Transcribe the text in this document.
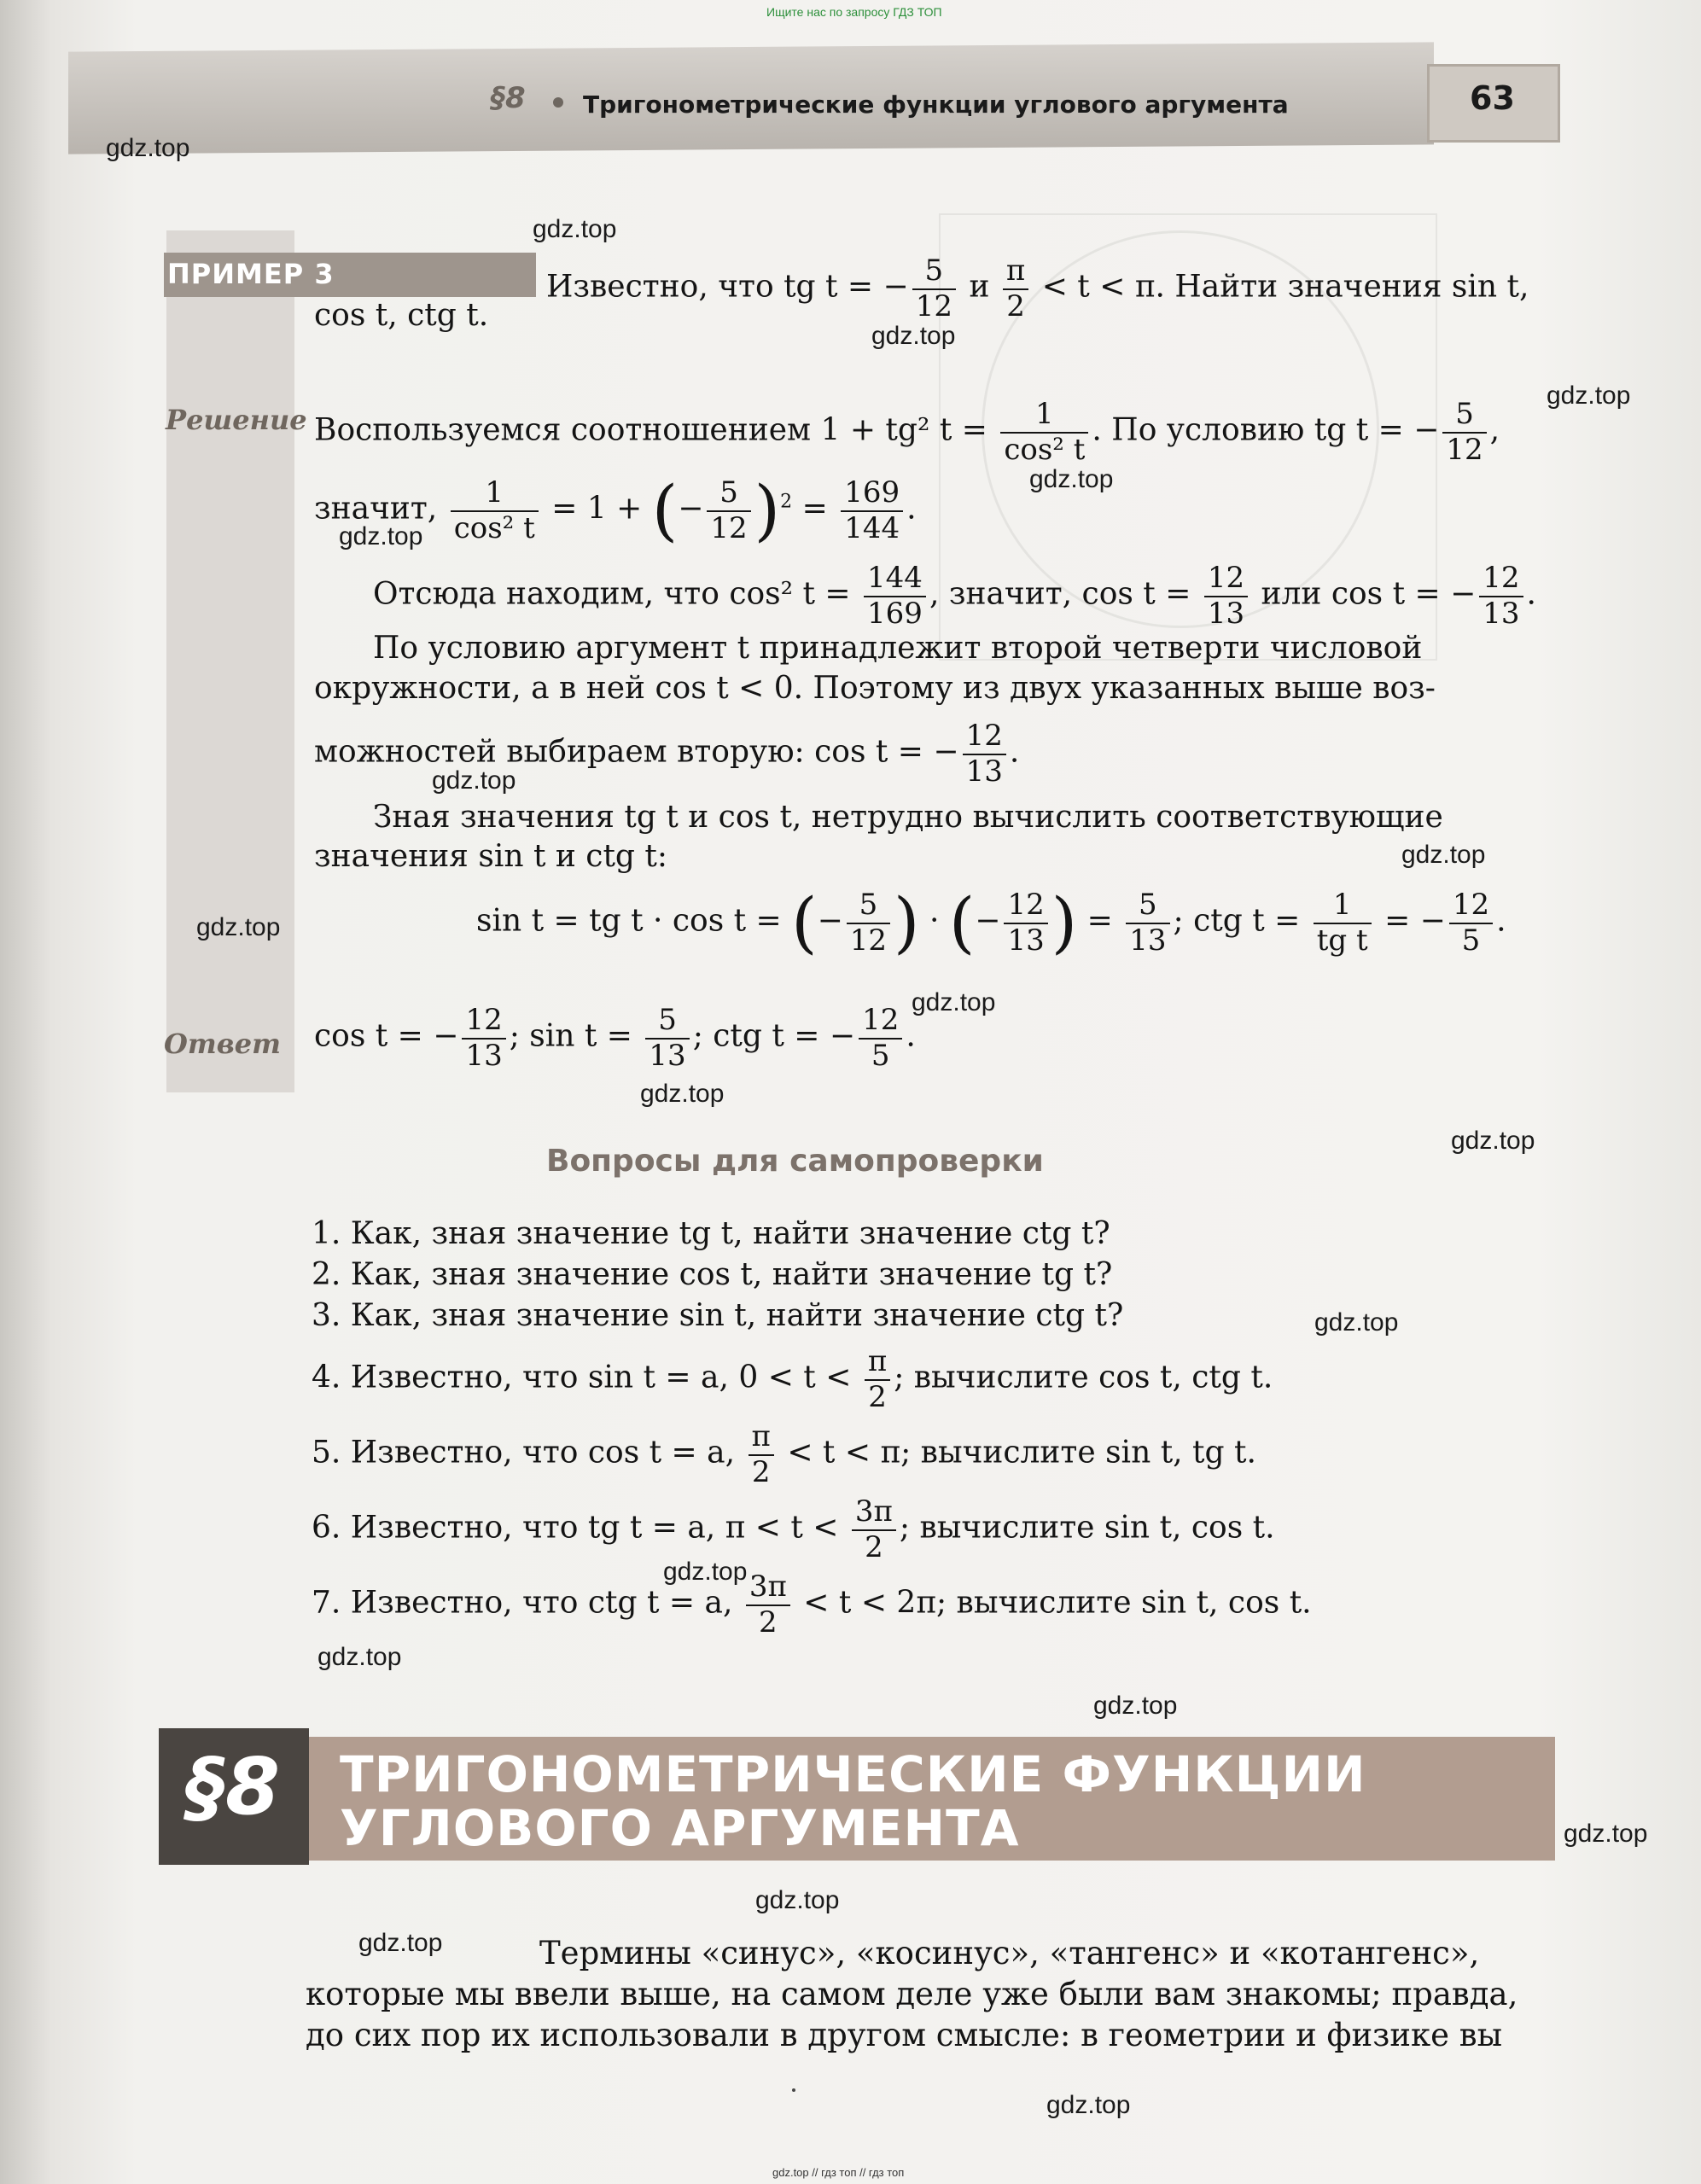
Ищите нас по запросу ГДЗ ТОП
§8 Тригонометрические функции углового аргумента	63
gdz.top
gdz.top
gdz.top
gdz.top
gdz.top
gdz.top
gdz.top
gdz.top
gdz.top
gdz.top
gdz.top
gdz.top
gdz.top
gdz.top
gdz.top
gdz.top
gdz.top
gdz.top
gdz.top
gdz.top
ПРИМЕР 3	Известно, что tg t = − $\frac{5}{12}$ и $\frac{\pi}{2} < t < \pi$. Найти значения sin t,
cos t, ctg t.
Решение Воспользуемся соотношением 1 + tg² $t = \frac{1}{\text{cos² t}}$ . По условию tg t = − $\frac{5}{12}$ ,
значит, $\frac{1}{\text{cos² t}} = 1$ + (− $\frac{5}{12} )^2 = \frac{169}{144}$ .
Отсюда находим, что cos² $t = \frac{144}{169}$ , значит, $\cos t = \frac{12}{13}$ или cos t = − $\frac{12}{13}$ .
По условию аргумент t принадлежит второй четверти числовой
окружности, а в ней cos t < 0. Поэтому из двух указанных выше воз-
можностей выбираем вторую: cos t = − $\frac{12}{13}$ .
Зная значения tg t и cos t, нетрудно вычислить соответствующие
значения sin t и ctg t:
sin t = tg t · cos t = (− $\frac{5}{12}$ ) · (− $\frac{12}{13}$ ) = $\frac{5}{13}$ ; ctg $t = \frac{1}{\text{tg t}}$ = − $\frac{12}{5}$ .
Ответ cos t = − $\frac{12}{13}$ ; $\sin t = \frac{5}{13}$ ; ctg t = − $\frac{12}{5}$ .
Вопросы для самопроверки
1. Как, зная значение tg t, найти значение ctg t?
2. Как, зная значение cos t, найти значение tg t?
3. Как, зная значение sin t, найти значение ctg t?
4. Известно, что sin t = a, $0 < t < \frac{\pi}{2}$ ; вычислите cos t, ctg t.
5. Известно, что cos t = a, $\frac{\pi}{2} < t < \pi$; вычислите sin t, tg t.
6. Известно, что tg t = a, $\pi < t < \frac{3\pi}{2}$ ; вычислите sin t, cos t.
7. Известно, что ctg t = a, $\frac{3\pi}{2} < t < 2\pi$; вычислите sin t, cos t.
§8 ТРИГОНОМЕТРИЧЕСКИЕ ФУНКЦИИ
УГЛОВОГО АРГУМЕНТА
Термины «синус», «косинус», «тангенс» и «котангенс»,
которые мы ввели выше, на самом деле уже были вам знакомы; правда,
до сих пор их использовали в другом смысле: в геометрии и физике вы
gdz.top // гдз топ // гдз топ
